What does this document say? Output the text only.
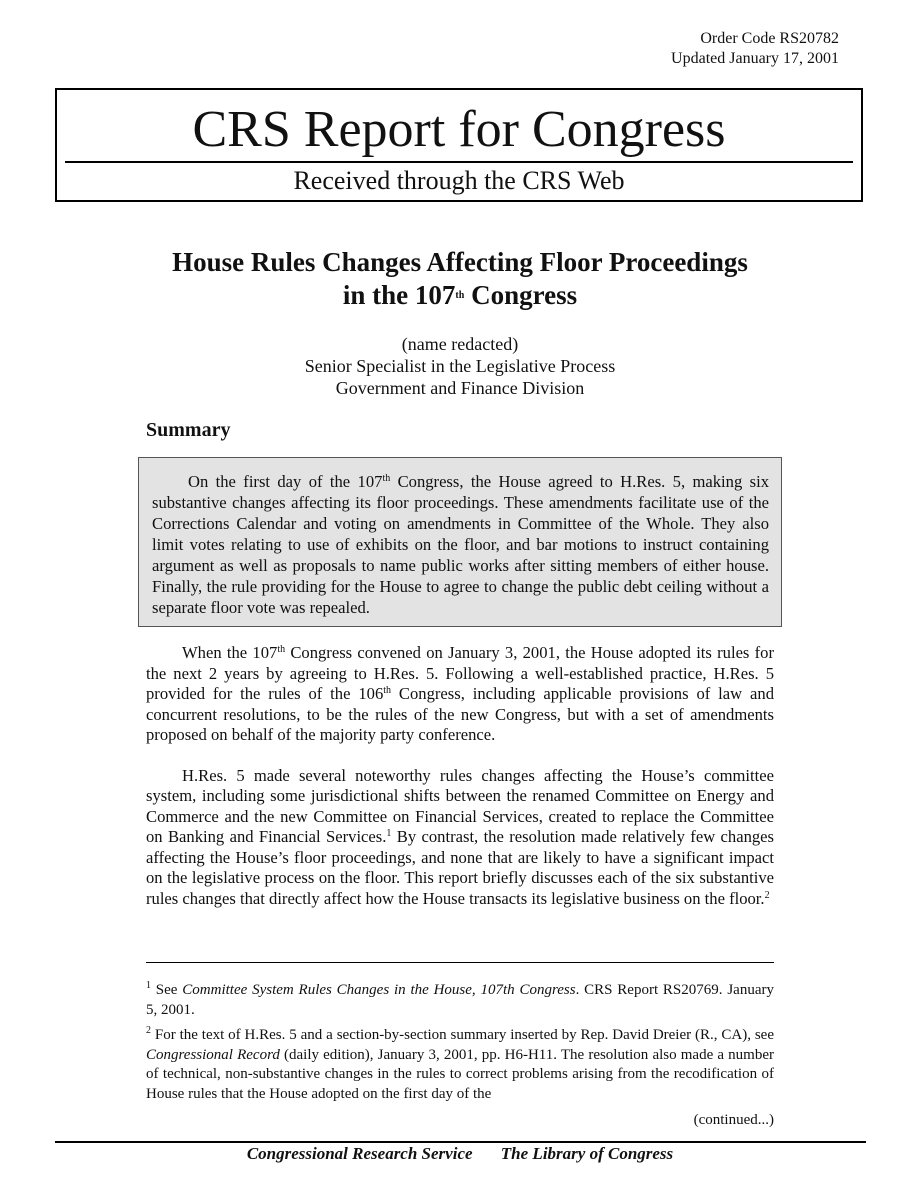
Order Code RS20782
Updated January 17, 2001
CRS Report for Congress
Received through the CRS Web
House Rules Changes Affecting Floor Proceedings
in the 107th Congress
(name redacted)
Senior Specialist in the Legislative Process
Government and Finance Division
Summary

On the first day of the 107th Congress, the House agreed to H.Res. 5, making six substantive changes affecting its floor proceedings. These amendments facilitate use of the Corrections Calendar and voting on amendments in Committee of the Whole. They also limit votes relating to use of exhibits on the floor, and bar motions to instruct containing argument as well as proposals to name public works after sitting members of either house. Finally, the rule providing for the House to agree to change the public debt ceiling without a separate floor vote was repealed.

When the 107th Congress convened on January 3, 2001, the House adopted its rules for the next 2 years by agreeing to H.Res. 5. Following a well-established practice, H.Res. 5 provided for the rules of the 106th Congress, including applicable provisions of law and concurrent resolutions, to be the rules of the new Congress, but with a set of amendments proposed on behalf of the majority party conference.

H.Res. 5 made several noteworthy rules changes affecting the House’s committee system, including some jurisdictional shifts between the renamed Committee on Energy and Commerce and the new Committee on Financial Services, created to replace the Committee on Banking and Financial Services.$^1$ By contrast, the resolution made relatively few changes affecting the House’s floor proceedings, and none that are likely to have a significant impact on the legislative process on the floor. This report briefly discusses each of the six substantive rules changes that directly affect how the House transacts its legislative business on the floor.$^2$

$^1$ See Committee System Rules Changes in the House, 107th Congress. CRS Report RS20769. January 5, 2001.

$^2$ For the text of H.Res. 5 and a section-by-section summary inserted by Rep. David Dreier (R., CA), see Congressional Record (daily edition), January 3, 2001, pp. H6-H11. The resolution also made a number of technical, non-substantive changes in the rules to correct problems arising from the recodification of House rules that the House adopted on the first day of the

(continued...)
Congressional Research Service The Library of Congress
